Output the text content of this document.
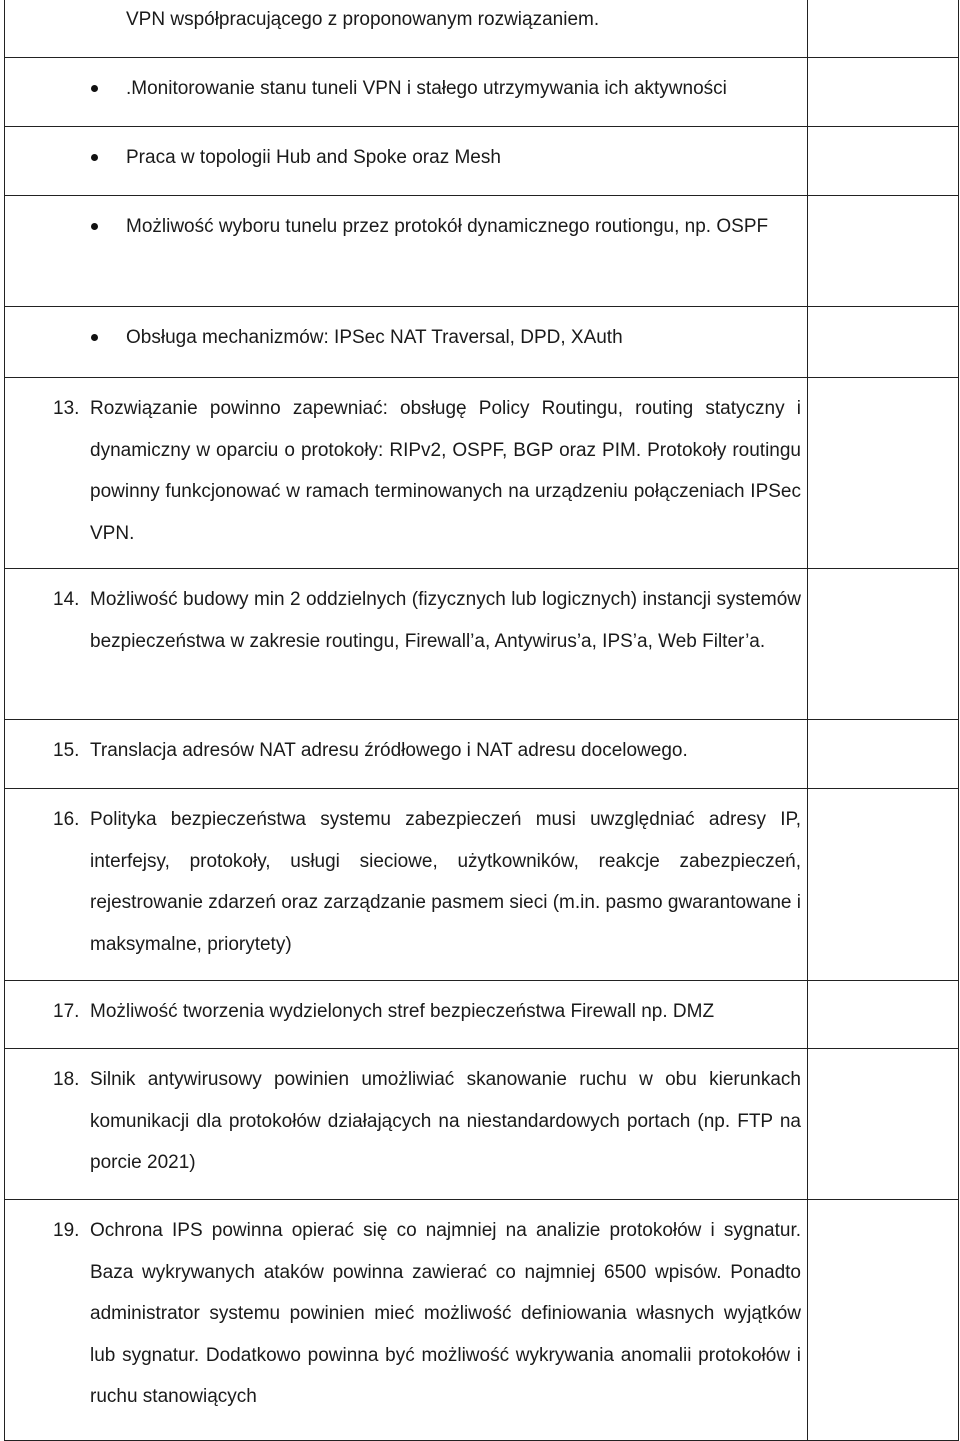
VPN współpracującego z proponowanym rozwiązaniem.	

.Monitorowanie stanu tuneli VPN i stałego utrzymywania ich aktywności	

Praca w topologii Hub and Spoke oraz Mesh	

Możliwość wyboru tunelu przez protokół dynamicznego routiongu, np. OSPF	

Obsługa mechanizmów: IPSec NAT Traversal, DPD, XAuth	

13. Rozwiązanie powinno zapewniać: obsługę Policy Routingu, routing statyczny i dynamiczny w oparciu o protokoły: RIPv2, OSPF, BGP oraz PIM. Protokoły routingu powinny funkcjonować w ramach terminowanych na urządzeniu połączeniach IPSec VPN.	

14. Możliwość budowy min 2 oddzielnych (fizycznych lub logicznych) instancji systemów bezpieczeństwa w zakresie routingu, Firewall’a, Antywirus’a, IPS’a, Web Filter’a.	

15. Translacja adresów NAT adresu źródłowego i NAT adresu docelowego.	

16. Polityka bezpieczeństwa systemu zabezpieczeń musi uwzględniać adresy IP, interfejsy, protokoły, usługi sieciowe, użytkowników, reakcje zabezpieczeń, rejestrowanie zdarzeń oraz zarządzanie pasmem sieci (m.in. pasmo gwarantowane i maksymalne, priorytety)	

17. Możliwość tworzenia wydzielonych stref bezpieczeństwa Firewall np. DMZ	

18. Silnik antywirusowy powinien umożliwiać skanowanie ruchu w obu kierunkach komunikacji dla protokołów działających na niestandardowych portach (np. FTP na porcie 2021)	

19. Ochrona IPS powinna opierać się co najmniej na analizie protokołów i sygnatur. Baza wykrywanych ataków powinna zawierać co najmniej 6500 wpisów. Ponadto administrator systemu powinien mieć możliwość definiowania własnych wyjątków lub sygnatur. Dodatkowo powinna być możliwość wykrywania anomalii protokołów i ruchu stanowiących	
